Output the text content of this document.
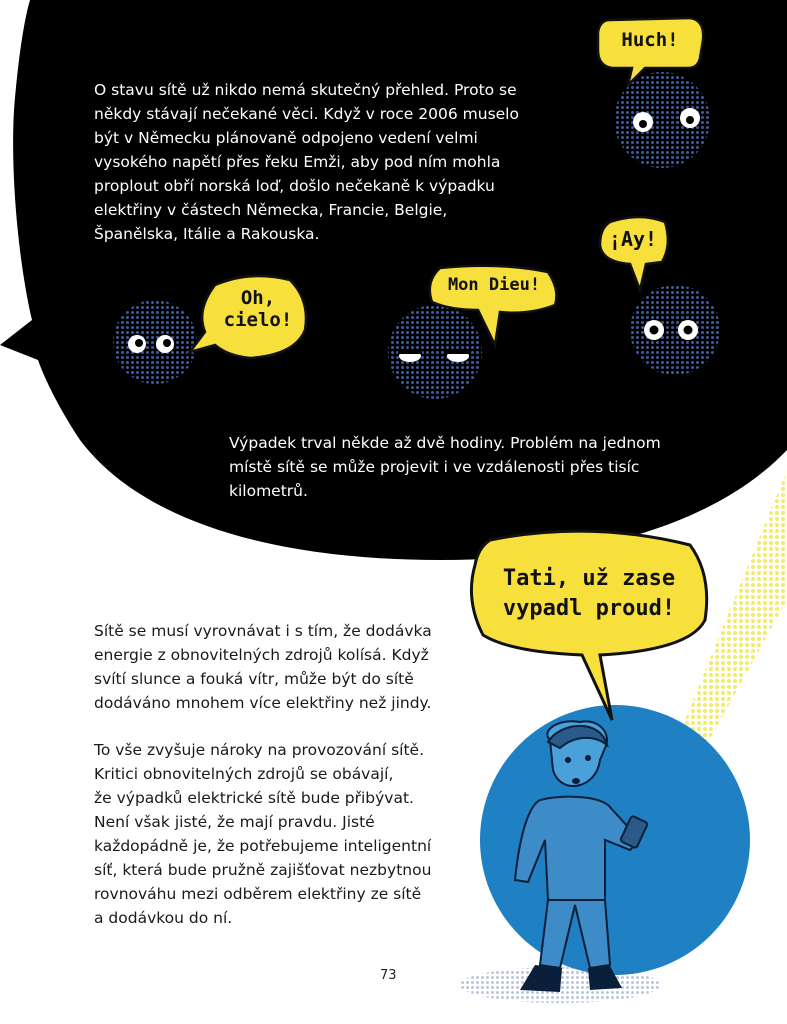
Huch!
¡Ay!
Mon Dieu!
Oh,
cielo!
Tati, už zase
vypadl proud!
O stavu sítě už nikdo nemá skutečný přehled. Proto se
někdy stávají nečekané věci. Když v roce 2006 muselo
být v Německu plánovaně odpojeno vedení velmi
vysokého napětí přes řeku Emži, aby pod ním mohla
proplout obří norská loď, došlo nečekaně k výpadku
elektřiny v částech Německa, Francie, Belgie,
Španělska, Itálie a Rakouska.
Výpadek trval někde až dvě hodiny. Problém na jednom
místě sítě se může projevit i ve vzdálenosti přes tisíc
kilometrů.
Sítě se musí vyrovnávat i s tím, že dodávka
energie z obnovitelných zdrojů kolísá. Když
svítí slunce a fouká vítr, může být do sítě
dodáváno mnohem více elektřiny než jindy.
To vše zvyšuje nároky na provozování sítě.
Kritici obnovitelných zdrojů se obávají,
že výpadků elektrické sítě bude přibývat.
Není však jisté, že mají pravdu. Jisté
každopádně je, že potřebujeme inteligentní
síť, která bude pružně zajišťovat nezbytnou
rovnováhu mezi odběrem elektřiny ze sítě
a dodávkou do ní.
73
